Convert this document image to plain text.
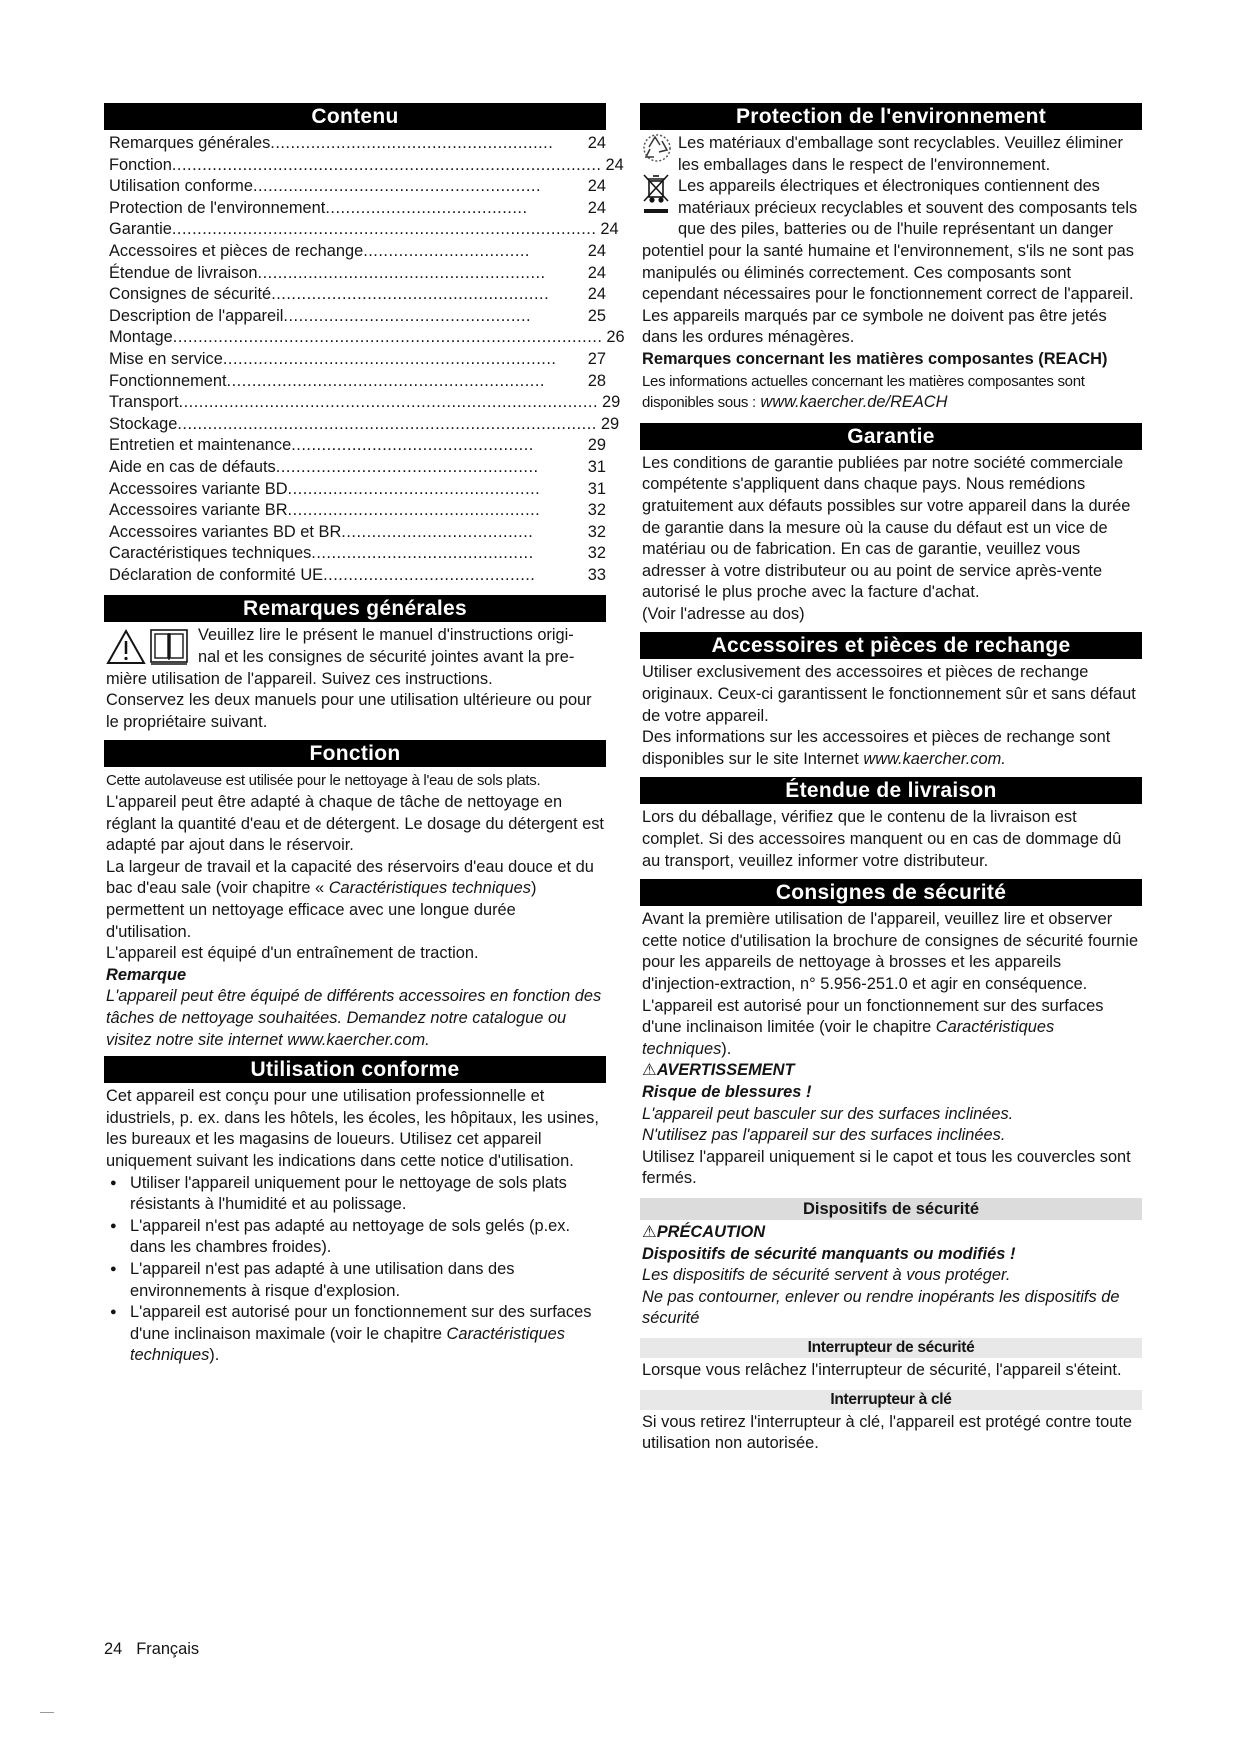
Contenu
Remarques générales ........................................................	24
Fonction ..................................................................................... 24
Utilisation conforme .........................................................	24
Protection de l'environnement ........................................	24
Garantie .................................................................................... 24
Accessoires et pièces de rechange .................................	24
Étendue de livraison .........................................................	24
Consignes de sécurité .......................................................	24
Description de l'appareil .................................................	25
Montage ..................................................................................... 26
Mise en service ..................................................................	27
Fonctionnement ...............................................................	28
Transport ................................................................................... 29
Stockage ................................................................................... 29
Entretien et maintenance ................................................	29
Aide en cas de défauts ....................................................	31
Accessoires variante BD ..................................................	31
Accessoires variante BR ..................................................	32
Accessoires variantes BD et BR ......................................	32
Caractéristiques techniques ............................................	32
Déclaration de conformité UE ..........................................	33
Remarques générales

Veuillez lire le présent le manuel d'instructions origi-

nal et les consignes de sécurité jointes avant la pre-

mière utilisation de l'appareil. Suivez ces instructions.

Conservez les deux manuels pour une utilisation ultérieure ou pour le propriétaire suivant.

Fonction

Cette autolaveuse est utilisée pour le nettoyage à l'eau de sols plats.

L'appareil peut être adapté à chaque de tâche de nettoyage en réglant la quantité d'eau et de détergent. Le dosage du détergent est adapté par ajout dans le réservoir.

La largeur de travail et la capacité des réservoirs d'eau douce et du bac d'eau sale (voir chapitre « Caractéristiques techniques) permettent un nettoyage efficace avec une longue durée d'utilisation.

L'appareil est équipé d'un entraînement de traction.

Remarque

L'appareil peut être équipé de différents accessoires en fonction des tâches de nettoyage souhaitées. Demandez notre catalogue ou visitez notre site internet www.kaercher.com.

Utilisation conforme

Cet appareil est conçu pour une utilisation professionnelle et idustriels, p. ex. dans les hôtels, les écoles, les hôpitaux, les usines, les bureaux et les magasins de loueurs. Utilisez cet appareil uniquement suivant les indications dans cette notice d'utilisation.

● Utiliser l'appareil uniquement pour le nettoyage de sols plats résistants à l'humidité et au polissage.
● L'appareil n'est pas adapté au nettoyage de sols gelés (p.ex. dans les chambres froides).
● L'appareil n'est pas adapté à une utilisation dans des environnements à risque d'explosion.
● L'appareil est autorisé pour un fonctionnement sur des surfaces d'une inclinaison maximale (voir le chapitre Caractéristiques techniques).
Protection de l'environnement

Les matériaux d'emballage sont recyclables. Veuillez éliminer les emballages dans le respect de l'environnement.

Les appareils électriques et électroniques contiennent des matériaux précieux recyclables et souvent des composants tels que des piles, batteries ou de l'huile représentant un danger

potentiel pour la santé humaine et l'environnement, s'ils ne sont pas manipulés ou éliminés correctement. Ces composants sont cependant nécessaires pour le fonctionnement correct de l'appareil. Les appareils marqués par ce symbole ne doivent pas être jetés dans les ordures ménagères.

Remarques concernant les matières composantes (REACH)

Les informations actuelles concernant les matières composantes sont disponibles sous : www.kaercher.de/REACH

Garantie

Les conditions de garantie publiées par notre société commerciale compétente s'appliquent dans chaque pays. Nous remédions gratuitement aux défauts possibles sur votre appareil dans la durée de garantie dans la mesure où la cause du défaut est un vice de matériau ou de fabrication. En cas de garantie, veuillez vous adresser à votre distributeur ou au point de service après-vente autorisé le plus proche avec la facture d'achat.

(Voir l'adresse au dos)

Accessoires et pièces de rechange

Utiliser exclusivement des accessoires et pièces de rechange originaux. Ceux-ci garantissent le fonctionnement sûr et sans défaut de votre appareil.

Des informations sur les accessoires et pièces de rechange sont disponibles sur le site Internet www.kaercher.com.

Étendue de livraison

Lors du déballage, vérifiez que le contenu de la livraison est complet. Si des accessoires manquent ou en cas de dommage dû au transport, veuillez informer votre distributeur.

Consignes de sécurité

Avant la première utilisation de l'appareil, veuillez lire et observer cette notice d'utilisation la brochure de consignes de sécurité fournie pour les appareils de nettoyage à brosses et les appareils d'injection-extraction, n° 5.956-251.0 et agir en conséquence.

L'appareil est autorisé pour un fonctionnement sur des surfaces d'une inclinaison limitée (voir le chapitre Caractéristiques techniques).

⚠AVERTISSEMENT

Risque de blessures !

L'appareil peut basculer sur des surfaces inclinées.

N'utilisez pas l'appareil sur des surfaces inclinées.

Utilisez l'appareil uniquement si le capot et tous les couvercles sont fermés.

Dispositifs de sécurité

⚠PRÉCAUTION

Dispositifs de sécurité manquants ou modifiés !

Les dispositifs de sécurité servent à vous protéger.

Ne pas contourner, enlever ou rendre inopérants les dispositifs de sécurité

Interrupteur de sécurité

Lorsque vous relâchez l'interrupteur de sécurité, l'appareil s'éteint.

Interrupteur à clé

Si vous retirez l'interrupteur à clé, l'appareil est protégé contre toute utilisation non autorisée.

24 Français
